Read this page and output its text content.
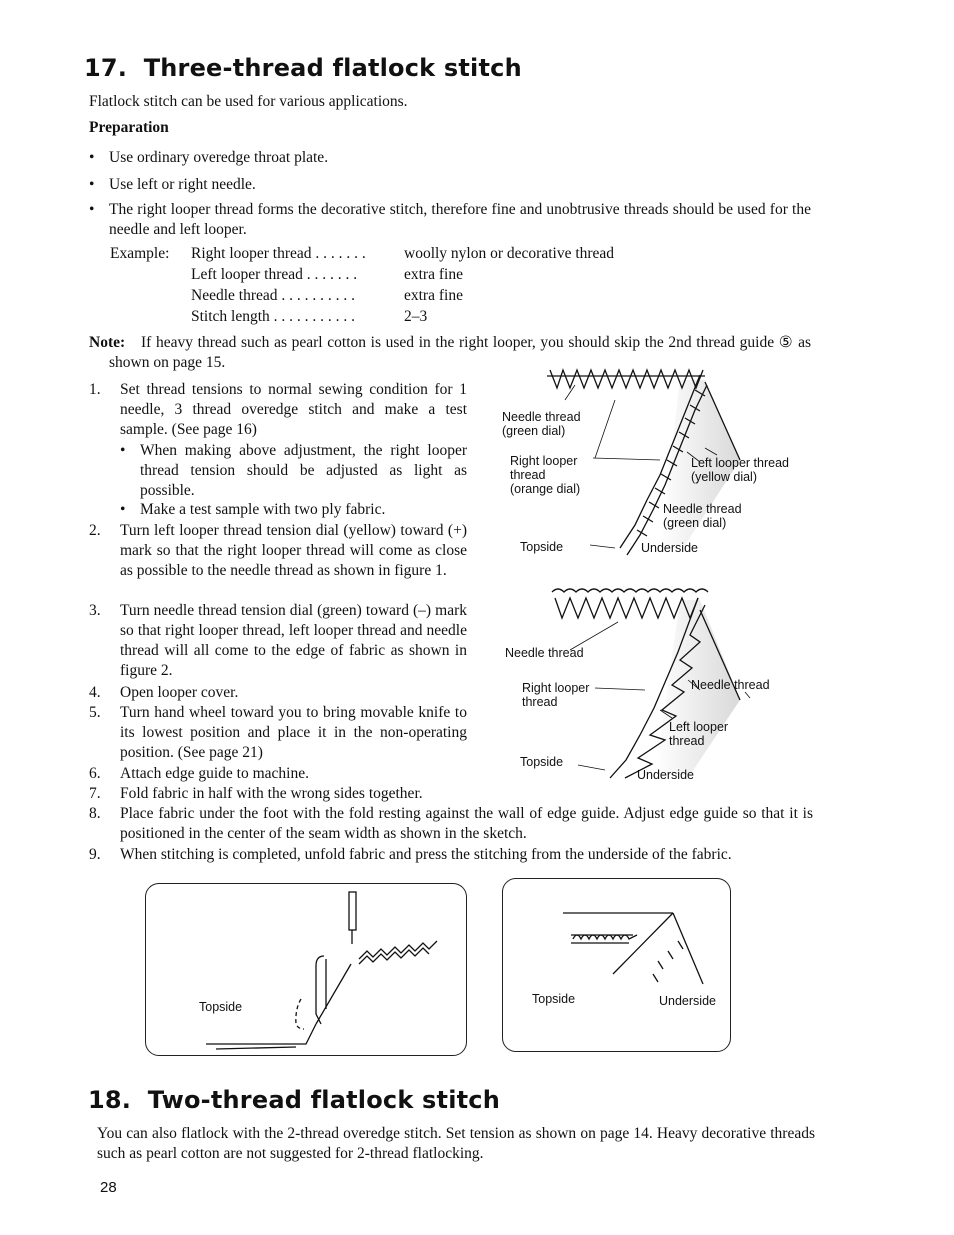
17. Three-thread flatlock stitch
Flatlock stitch can be used for various applications.
Preparation
• Use ordinary overedge throat plate.
• Use left or right needle.
• The right looper thread forms the decorative stitch, therefore fine and unobtrusive threads should be used for the needle and left looper.
Example: Right looper thread . . . . . . . woolly nylon or decorative thread
Left looper thread . . . . . . .	extra fine
Needle thread . . . . . . . . . .	extra fine
Stitch length . . . . . . . . . . .	2–3
Note:	If heavy thread such as pearl cotton is used in the right looper, you should skip the 2nd thread guide ⑤ as shown on page 15.
1.	Set thread tensions to normal sewing condition for 1 needle, 3 thread overedge stitch and make a test sample. (See page 16)
• When making above adjustment, the right looper thread tension should be adjusted as light as possible.
• Make a test sample with two ply fabric.
2.	Turn left looper thread tension dial (yellow) toward (+) mark so that the right looper thread will come as close as possible to the needle thread as shown in figure 1.
3.	Turn needle thread tension dial (green) toward (–) mark so that right looper thread, left looper thread and needle thread will all come to the edge of fabric as shown in figure 2.
4.	Open looper cover.
5.	Turn hand wheel toward you to bring movable knife to its lowest position and place it in the non-operating position. (See page 21)
6.	Attach edge guide to machine.
7.	Fold fabric in half with the wrong sides together.
8.	Place fabric under the foot with the fold resting against the wall of edge guide. Adjust edge guide so that it is positioned in the center of the seam width as shown in the sketch.
9.	When stitching is completed, unfold fabric and press the stitching from the underside of the fabric.
Needle thread
(green dial)
Right looper
thread
(orange dial)
Left looper thread
(yellow dial)
Needle thread
(green dial)
Topside	Underside
Needle thread
Right looper
thread
Needle thread
Left looper
thread
Topside
Underside
Topside
Topside	Underside
18. Two-thread flatlock stitch
You can also flatlock with the 2-thread overedge stitch. Set tension as shown on page 14. Heavy decorative threads such as pearl cotton are not suggested for 2-thread flatlocking.
28
